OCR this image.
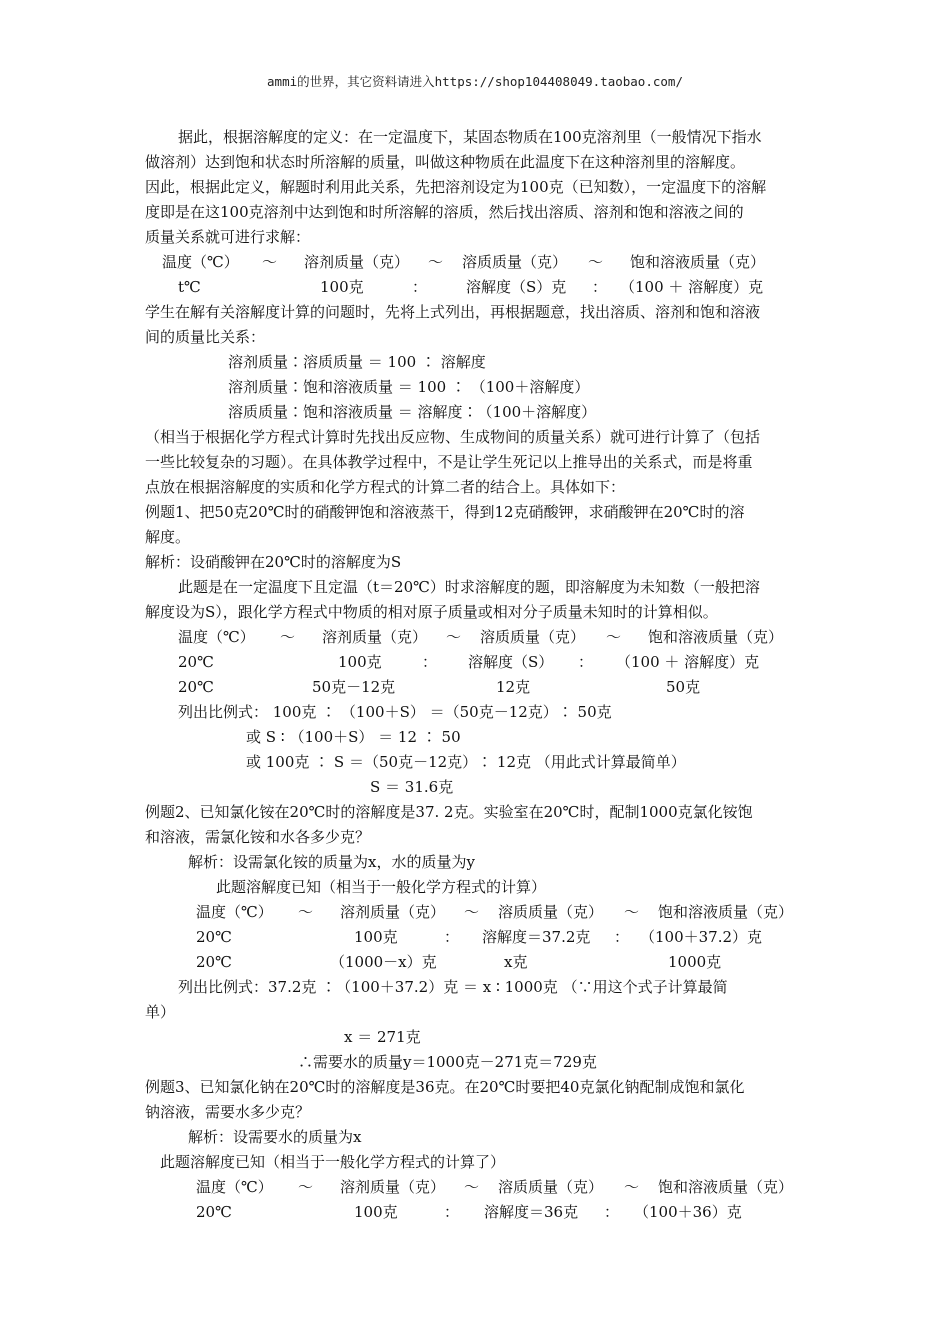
ammi的世界，其它资料请进入https://shop104408049.taobao.com/
据此，根据溶解度的定义：在一定温度下，某固态物质在100克溶剂里（一般情况下指水
做溶剂）达到饱和状态时所溶解的质量，叫做这种物质在此温度下在这种溶剂里的溶解度。
因此，根据此定义，解题时利用此关系，先把溶剂设定为100克（已知数），一定温度下的溶解
度即是在这100克溶剂中达到饱和时所溶解的溶质，然后找出溶质、溶剂和饱和溶液之间的
质量关系就可进行求解：
温度（℃） ～ 溶剂质量（克） ～ 溶质质量（克） ～ 饱和溶液质量（克）
t℃	100克	：	溶解度（S）克 ： （100 ＋ 溶解度）克
学生在解有关溶解度计算的问题时，先将上式列出，再根据题意，找出溶质、溶剂和饱和溶液
间的质量比关系：
溶剂质量∶溶质质量 ＝ 100 ∶ 溶解度
溶剂质量∶饱和溶液质量 ＝ 100 ∶ （100＋溶解度）
溶质质量∶饱和溶液质量 ＝ 溶解度∶（100＋溶解度）
（相当于根据化学方程式计算时先找出反应物、生成物间的质量关系）就可进行计算了（包括
一些比较复杂的习题）。在具体教学过程中，不是让学生死记以上推导出的关系式，而是将重
点放在根据溶解度的实质和化学方程式的计算二者的结合上。具体如下：
例题1、把50克20℃时的硝酸钾饱和溶液蒸干，得到12克硝酸钾，求硝酸钾在20℃时的溶
解度。
解析：设硝酸钾在20℃时的溶解度为S
此题是在一定温度下且定温（t＝20℃）时求溶解度的题，即溶解度为未知数（一般把溶
解度设为S），跟化学方程式中物质的相对原子质量或相对分子质量未知时的计算相似。
温度（℃） ～ 溶剂质量（克） ～ 溶质质量（克） ～ 饱和溶液质量（克）
20℃	100克	： 溶解度（S） ： （100 ＋ 溶解度）克
20℃	50克－12克	12克	50克
列出比例式： 100克 ∶ （100＋S） ＝（50克－12克）∶ 50克
或 S ∶ （100＋S） ＝ 12 ∶ 50
或 100克 ∶ S ＝（50克－12克）∶ 12克 （用此式计算最简单）
S ＝ 31.6克
例题2、已知氯化铵在20℃时的溶解度是37. 2克。实验室在20℃时，配制1000克氯化铵饱
和溶液，需氯化铵和水各多少克？
解析：设需氯化铵的质量为x，水的质量为y
此题溶解度已知（相当于一般化学方程式的计算）
温度（℃） ～ 溶剂质量（克） ～ 溶质质量（克） ～ 饱和溶液质量（克）
20℃	100克	： 溶解度＝37.2克 ： （100＋37.2）克
20℃	（1000－x）克	x克	1000克
列出比例式：37.2克 ∶（100＋37.2）克 ＝ x ∶ 1000克 （∵用这个式子计算最简
单）
x ＝ 271克
∴需要水的质量y＝1000克－271克＝729克
例题3、已知氯化钠在20℃时的溶解度是36克。在20℃时要把40克氯化钠配制成饱和氯化
钠溶液，需要水多少克？
解析：设需要水的质量为x
此题溶解度已知（相当于一般化学方程式的计算了）
温度（℃） ～ 溶剂质量（克） ～ 溶质质量（克） ～ 饱和溶液质量（克）
20℃	100克	： 溶解度＝36克 ： （100＋36）克
